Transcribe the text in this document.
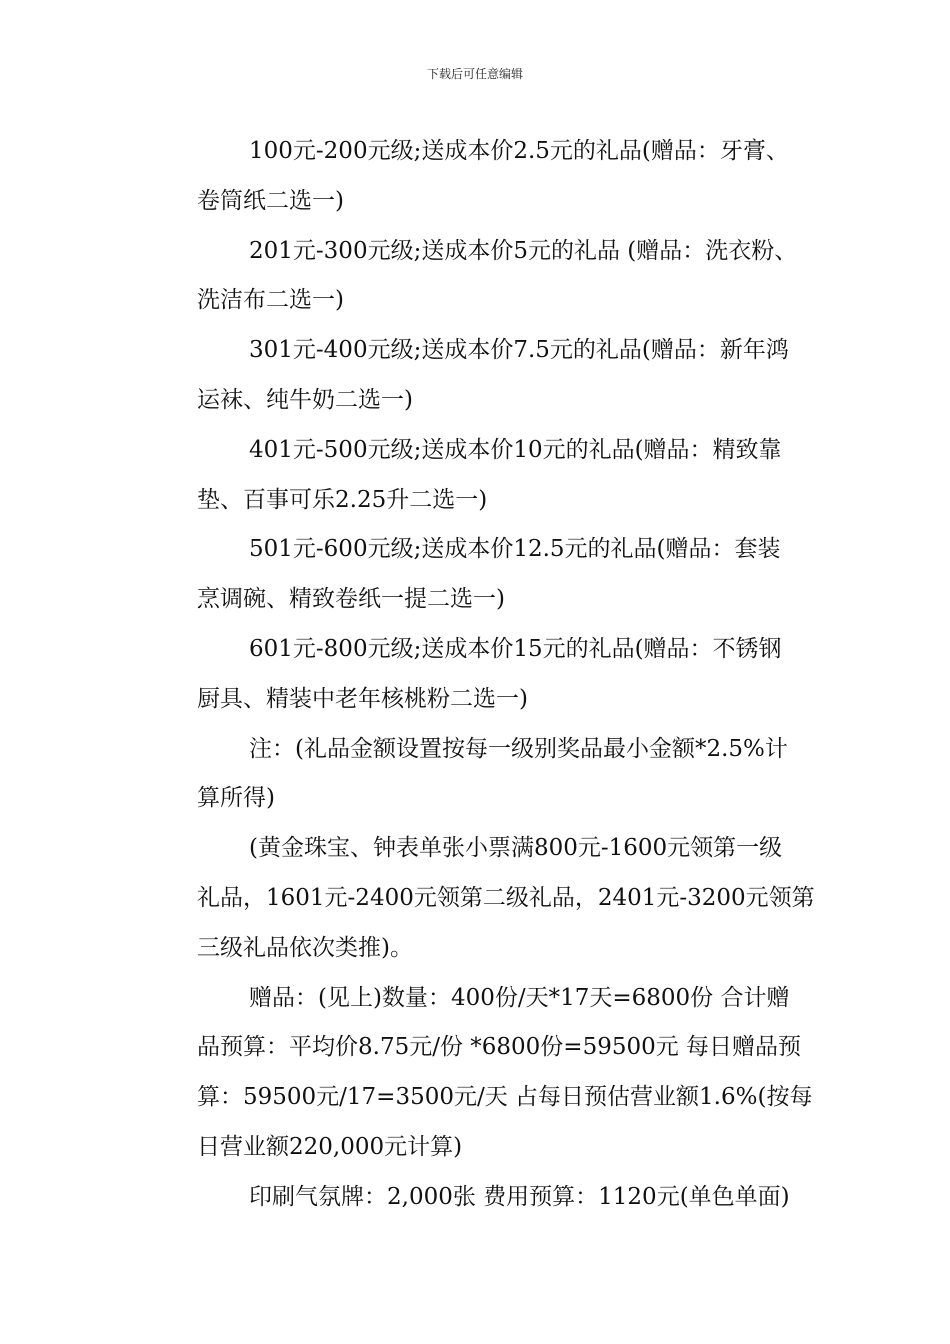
下载后可任意编辑
100元-200元级;送成本价2.5元的礼品(赠品：牙膏、
卷筒纸二选一)
201元-300元级;送成本价5元的礼品 (赠品：洗衣粉、
洗洁布二选一)
301元-400元级;送成本价7.5元的礼品(赠品：新年鸿
运袜、纯牛奶二选一)
401元-500元级;送成本价10元的礼品(赠品：精致靠
垫、百事可乐2.25升二选一)
501元-600元级;送成本价12.5元的礼品(赠品：套装
烹调碗、精致卷纸一提二选一)
601元-800元级;送成本价15元的礼品(赠品：不锈钢
厨具、精装中老年核桃粉二选一)
注：(礼品金额设置按每一级别奖品最小金额*2.5%计
算所得)
(黄金珠宝、钟表单张小票满800元-1600元领第一级
礼品，1601元-2400元领第二级礼品，2401元-3200元领第
三级礼品依次类推)。
赠品：(见上)数量：400份/天*17天=6800份 合计赠
品预算：平均价8.75元/份 *6800份=59500元 每日赠品预
算：59500元/17=3500元/天 占每日预估营业额1.6%(按每
日营业额220,000元计算)
印刷气氛牌：2,000张 费用预算：1120元(单色单面)
